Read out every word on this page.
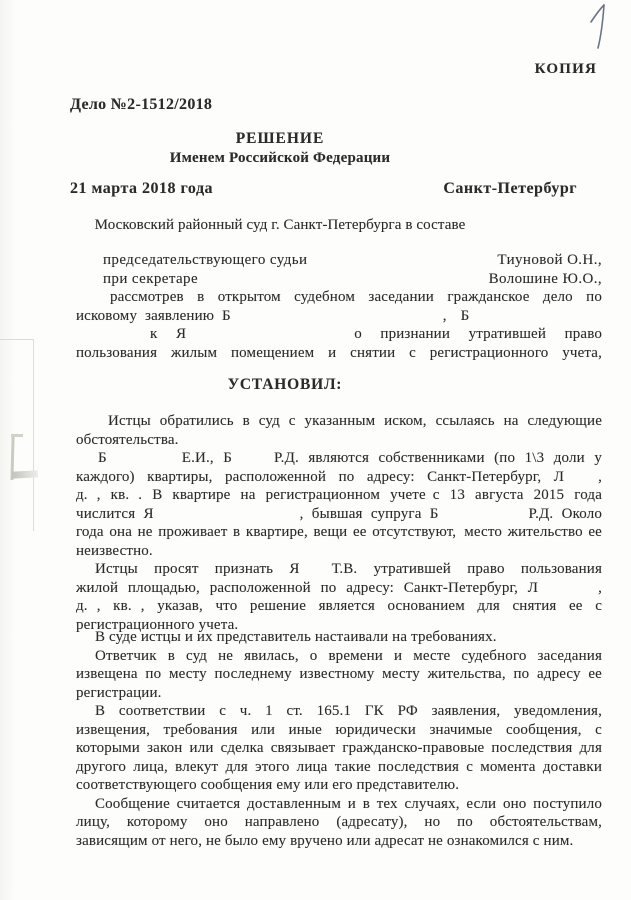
КОПИЯ
Дело №2-1512/2018
РЕШЕНИЕ
Именем Российской Федерации
21 марта 2018 года	Санкт-Петербург
Московский районный суд г. Санкт-Петербурга в составе
председательствующего судьи	Тиуновой О.Н.,
при секретаре	Волошине Ю.О.,
рассмотрев в открытом судебном заседании гражданское дело по
исковому заявлению Б	, Б
к Я	о признании утратившей право
пользования жилым помещением и снятии с регистрационного учета,
УСТАНОВИЛ:
Истцы обратились в суд с указанным иском, ссылаясь на следующие
обстоятельства.
Б	Е.И., Б	Р.Д. являются собственниками (по 1\3 доли у
каждого) квартиры, расположенной по адресу: Санкт-Петербург, Л ,
д. , кв. . В квартире на регистрационном учете с 13 августа 2015 года
числится Я	, бывшая супруга Б	Р.Д. Около
года она не проживает в квартире, вещи ее отсутствуют, место жительство ее
неизвестно.
Истцы просят признать Я Т.В. утратившей право пользования
жилой площадью, расположенной по адресу: Санкт-Петербург, Л	,
д. , кв. , указав, что решение является основанием для снятия ее с
регистрационного учета.
В суде истцы и их представитель настаивали на требованиях.
Ответчик в суд не явилась, о времени и месте судебного заседания
извещена по месту последнему известному месту жительства, по адресу ее
регистрации.
В соответствии с ч. 1 ст. 165.1 ГК РФ заявления, уведомления,
извещения, требования или иные юридически значимые сообщения, с
которыми закон или сделка связывает гражданско-правовые последствия для
другого лица, влекут для этого лица такие последствия с момента доставки
соответствующего сообщения ему или его представителю.
Сообщение считается доставленным и в тех случаях, если оно поступило
лицу, которому оно направлено (адресату), но по обстоятельствам,
зависящим от него, не было ему вручено или адресат не ознакомился с ним.
